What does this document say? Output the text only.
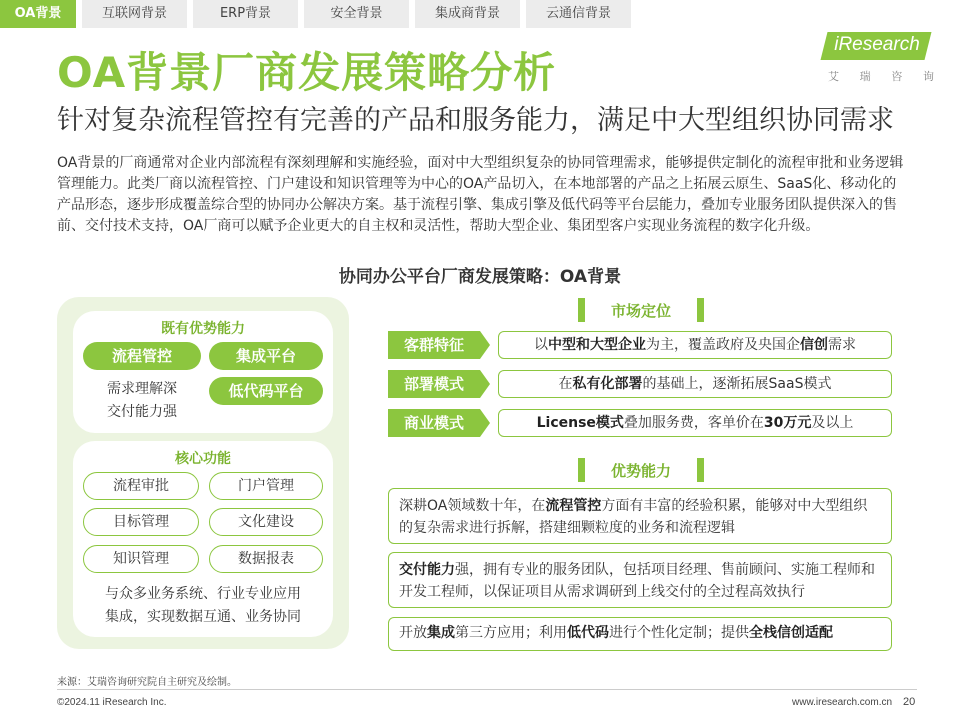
OA背景	互联网背景	ERP背景	安全背景	集成商背景	云通信背景
iResearch
艾 瑞 咨 询
OA背景厂商发展策略分析
针对复杂流程管控有完善的产品和服务能力，满足中大型组织协同需求
OA背景的厂商通常对企业内部流程有深刻理解和实施经验，面对中大型组织复杂的协同管理需求，能够提供定制化的流程审批和业务逻辑管理能力。此类厂商以流程管控、门户建设和知识管理等为中心的OA产品切入，在本地部署的产品之上拓展云原生、SaaS化、移动化的产品形态，逐步形成覆盖综合型的协同办公解决方案。基于流程引擎、集成引擎及低代码等平台层能力，叠加专业服务团队提供深入的售前、交付技术支持，OA厂商可以赋予企业更大的自主权和灵活性，帮助大型企业、集团型客户实现业务流程的数字化升级。
协同办公平台厂商发展策略：OA背景
既有优势能力
流程管控	集成平台
低代码平台
需求理解深
交付能力强
核心功能
流程审批	门户管理
目标管理	文化建设
知识管理	数据报表
与众多业务系统、行业专业应用
集成，实现数据互通、业务协同
市场定位
客群特征	以中型和大型企业为主，覆盖政府及央国企信创需求
部署模式	在私有化部署的基础上，逐渐拓展SaaS模式
商业模式	License模式叠加服务费，客单价在30万元及以上
优势能力
深耕OA领域数十年，在流程管控方面有丰富的经验积累，能够对中大型组织的复杂需求进行拆解，搭建细颗粒度的业务和流程逻辑
交付能力强，拥有专业的服务团队，包括项目经理、售前顾问、实施工程师和开发工程师，以保证项目从需求调研到上线交付的全过程高效执行
开放集成第三方应用；利用低代码进行个性化定制；提供全栈信创适配
来源：艾瑞咨询研究院自主研究及绘制。
©2024.11 iResearch Inc.	www.iresearch.com.cn 20
